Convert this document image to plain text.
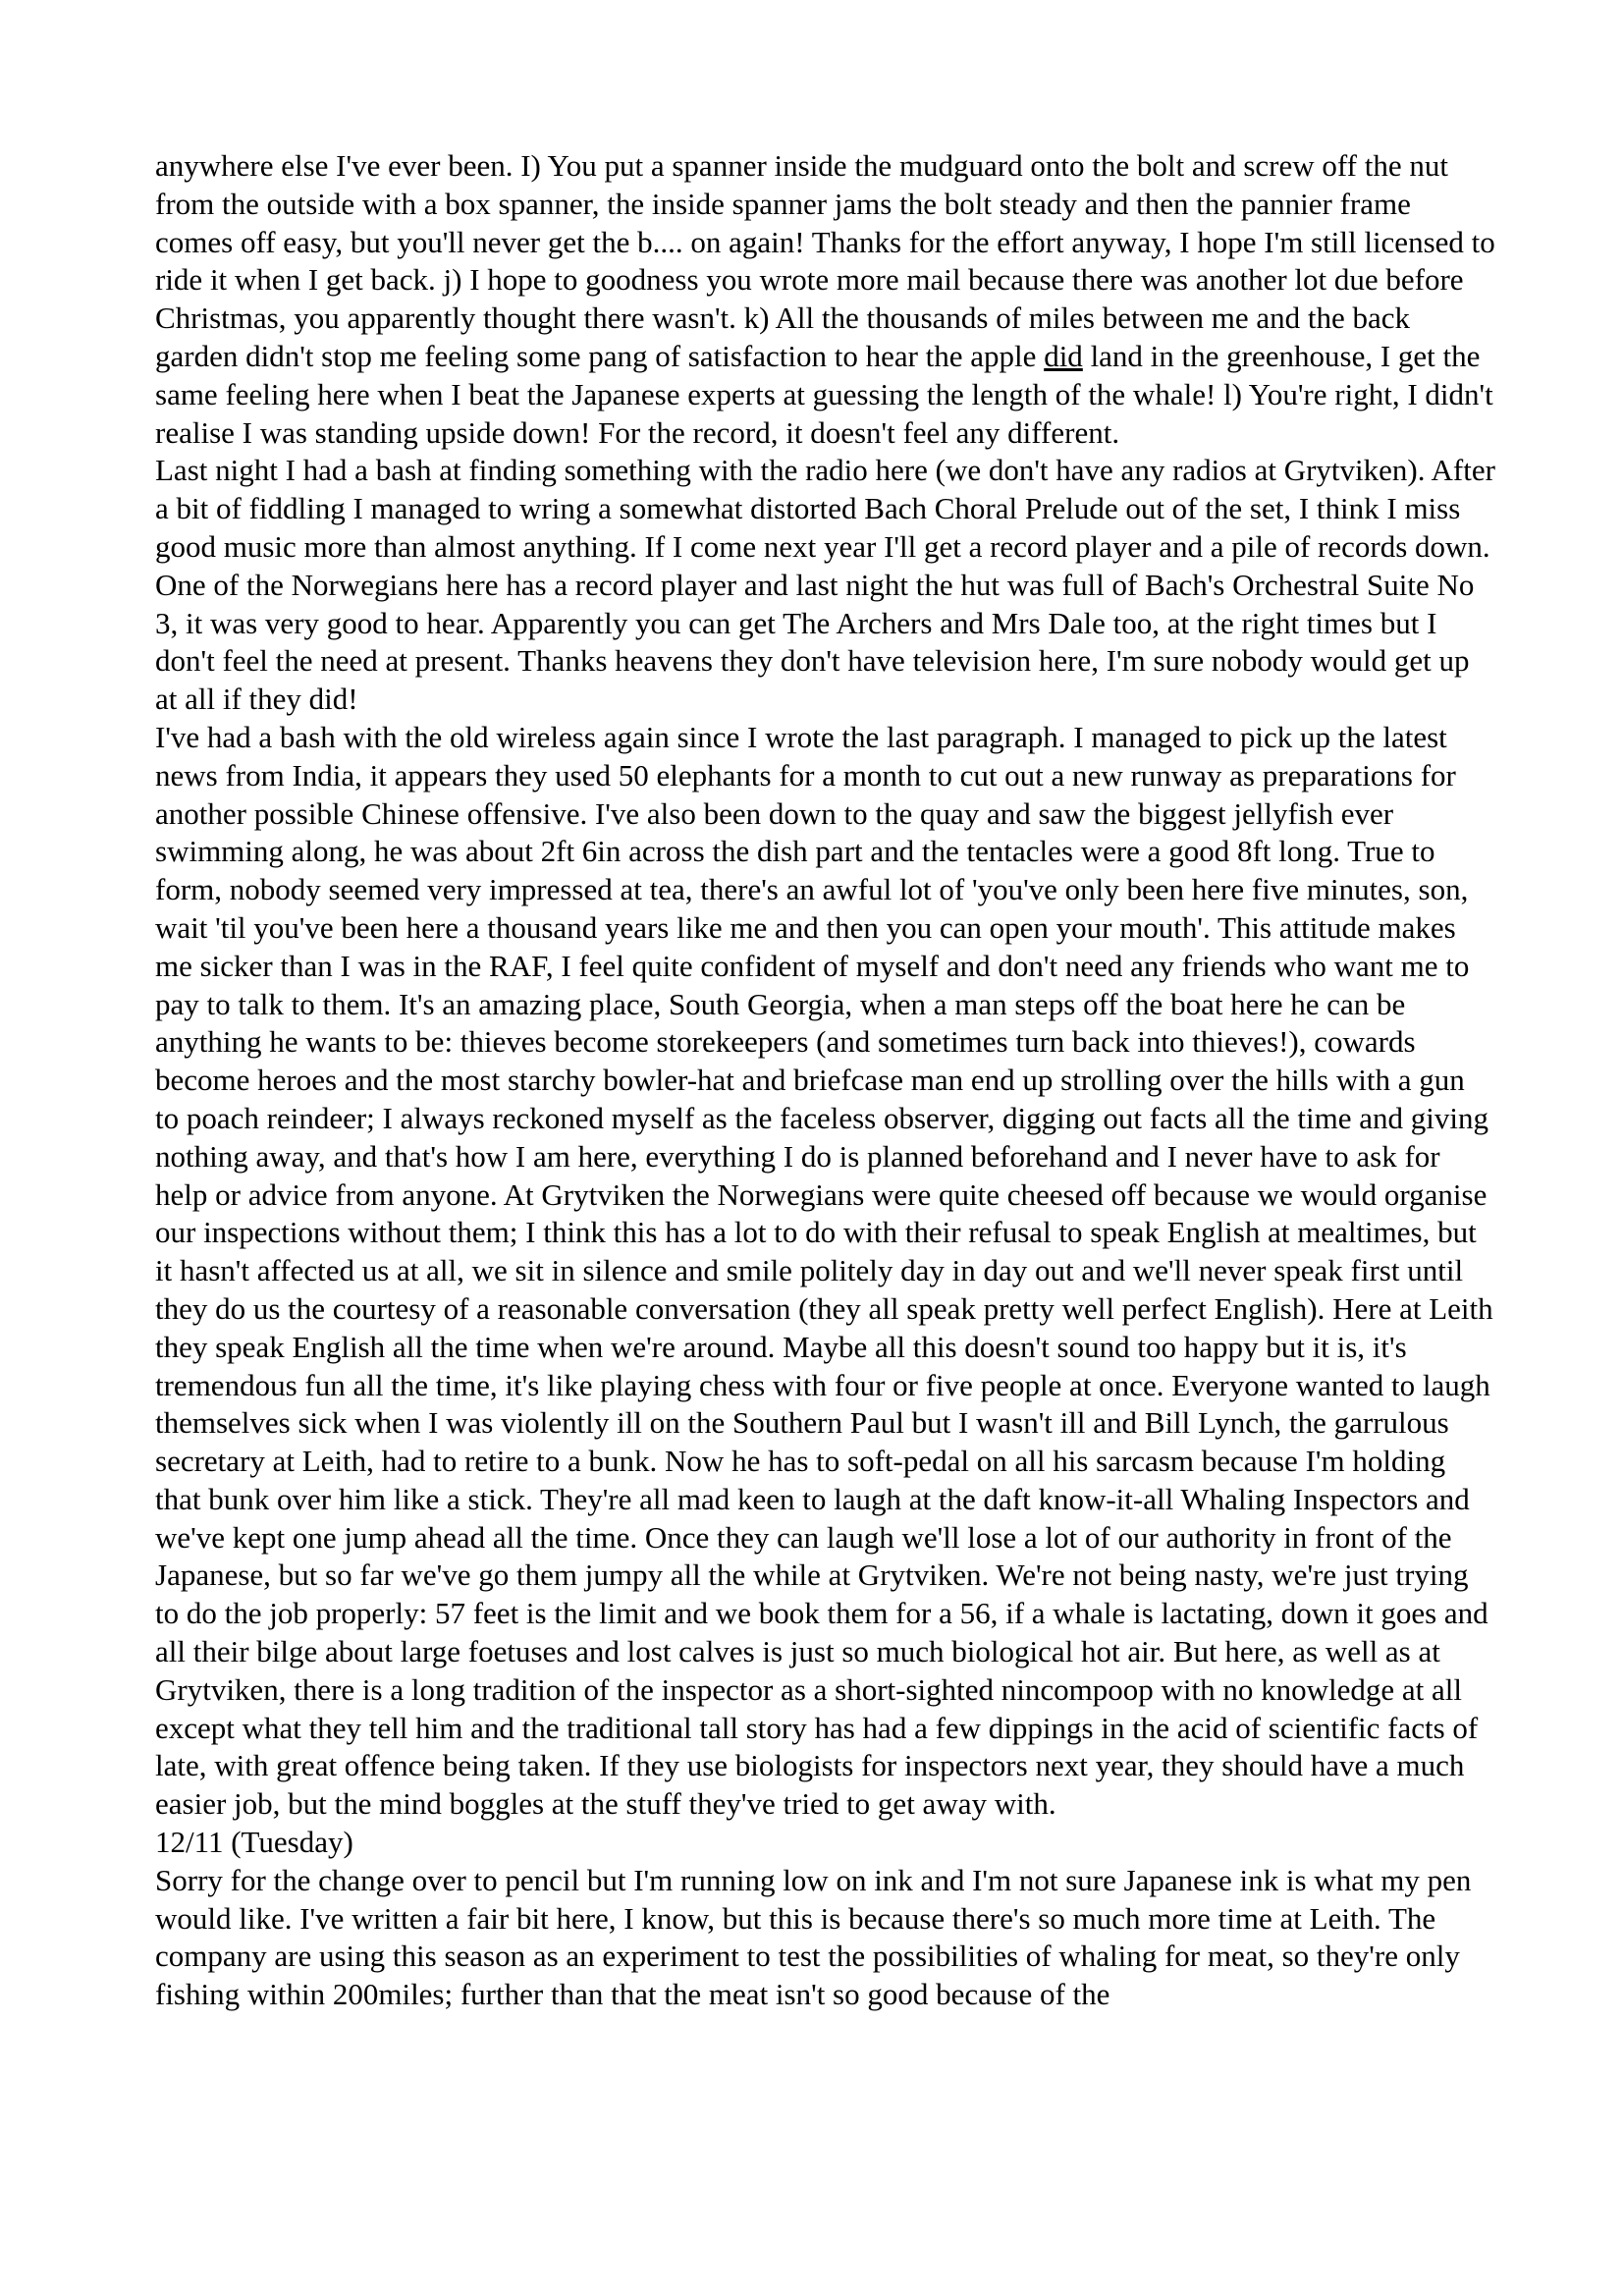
anywhere else I've ever been. I) You put a spanner inside the mudguard onto the bolt and screw off the nut from the outside with a box spanner, the inside spanner jams the bolt steady and then the pannier frame comes off easy, but you'll never get the b.... on again! Thanks for the effort anyway, I hope I'm still licensed to ride it when I get back. j) I hope to goodness you wrote more mail because there was another lot due before Christmas, you apparently thought there wasn't. k) All the thousands of miles between me and the back garden didn't stop me feeling some pang of satisfaction to hear the apple did land in the greenhouse, I get the same feeling here when I beat the Japanese experts at guessing the length of the whale! l) You're right, I didn't realise I was standing upside down! For the record, it doesn't feel any different.

Last night I had a bash at finding something with the radio here (we don't have any radios at Grytviken). After a bit of fiddling I managed to wring a somewhat distorted Bach Choral Prelude out of the set, I think I miss good music more than almost anything. If I come next year I'll get a record player and a pile of records down. One of the Norwegians here has a record player and last night the hut was full of Bach's Orchestral Suite No 3, it was very good to hear. Apparently you can get The Archers and Mrs Dale too, at the right times but I don't feel the need at present. Thanks heavens they don't have television here, I'm sure nobody would get up at all if they did!

I've had a bash with the old wireless again since I wrote the last paragraph. I managed to pick up the latest news from India, it appears they used 50 elephants for a month to cut out a new runway as preparations for another possible Chinese offensive. I've also been down to the quay and saw the biggest jellyfish ever swimming along, he was about 2ft 6in across the dish part and the tentacles were a good 8ft long. True to form, nobody seemed very impressed at tea, there's an awful lot of 'you've only been here five minutes, son, wait 'til you've been here a thousand years like me and then you can open your mouth'. This attitude makes me sicker than I was in the RAF, I feel quite confident of myself and don't need any friends who want me to pay to talk to them. It's an amazing place, South Georgia, when a man steps off the boat here he can be anything he wants to be: thieves become storekeepers (and sometimes turn back into thieves!), cowards become heroes and the most starchy bowler-hat and briefcase man end up strolling over the hills with a gun to poach reindeer; I always reckoned myself as the faceless observer, digging out facts all the time and giving nothing away, and that's how I am here, everything I do is planned beforehand and I never have to ask for help or advice from anyone. At Grytviken the Norwegians were quite cheesed off because we would organise our inspections without them; I think this has a lot to do with their refusal to speak English at mealtimes, but it hasn't affected us at all, we sit in silence and smile politely day in day out and we'll never speak first until they do us the courtesy of a reasonable conversation (they all speak pretty well perfect English). Here at Leith they speak English all the time when we're around. Maybe all this doesn't sound too happy but it is, it's tremendous fun all the time, it's like playing chess with four or five people at once. Everyone wanted to laugh themselves sick when I was violently ill on the Southern Paul but I wasn't ill and Bill Lynch, the garrulous secretary at Leith, had to retire to a bunk. Now he has to soft-pedal on all his sarcasm because I'm holding that bunk over him like a stick. They're all mad keen to laugh at the daft know-it-all Whaling Inspectors and we've kept one jump ahead all the time. Once they can laugh we'll lose a lot of our authority in front of the Japanese, but so far we've go them jumpy all the while at Grytviken. We're not being nasty, we're just trying to do the job properly: 57 feet is the limit and we book them for a 56, if a whale is lactating, down it goes and all their bilge about large foetuses and lost calves is just so much biological hot air. But here, as well as at Grytviken, there is a long tradition of the inspector as a short-sighted nincompoop with no knowledge at all except what they tell him and the traditional tall story has had a few dippings in the acid of scientific facts of late, with great offence being taken. If they use biologists for inspectors next year, they should have a much easier job, but the mind boggles at the stuff they've tried to get away with.

12/11 (Tuesday)

Sorry for the change over to pencil but I'm running low on ink and I'm not sure Japanese ink is what my pen would like. I've written a fair bit here, I know, but this is because there's so much more time at Leith. The company are using this season as an experiment to test the possibilities of whaling for meat, so they're only fishing within 200miles; further than that the meat isn't so good because of the
